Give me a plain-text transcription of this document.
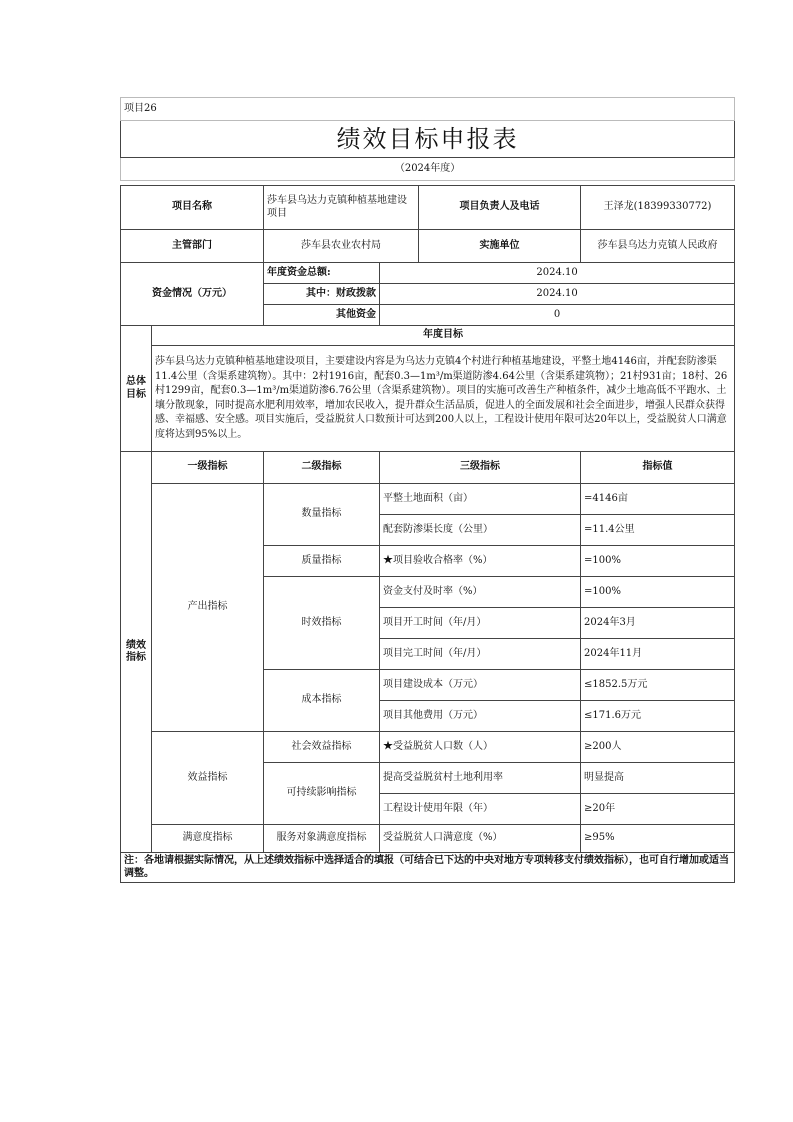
项目26					
绩效目标申报表					
（2024年度）					

项目名称		莎车县乌达力克镇种植基地建设项目		项目负责人及电话	王泽龙(18399330772)
主管部门		莎车县农业农村局		实施单位	莎车县乌达力克镇人民政府
资金情况（万元）		年度资金总额:	2024.10		
		其中：财政拨款	2024.10		
		其他资金	0		
总体目标	年度目标				
	莎车县乌达力克镇种植基地建设项目，主要建设内容是为乌达力克镇4个村进行种植基地建设，平整土地4146亩，并配套防渗渠11.4公里（含渠系建筑物）。其中：2村1916亩，配套0.3—1m³/m渠道防渗4.64公里（含渠系建筑物）；21村931亩；18村、26村1299亩，配套0.3—1m³/m渠道防渗6.76公里（含渠系建筑物）。项目的实施可改善生产种植条件，减少土地高低不平跑水、土壤分散现象，同时提高水肥利用效率，增加农民收入，提升群众生活品质，促进人的全面发展和社会全面进步，增强人民群众获得感、幸福感、安全感。项目实施后，受益脱贫人口数预计可达到200人以上，工程设计使用年限可达20年以上，受益脱贫人口满意度将达到95%以上。				
绩效指标	一级指标	二级指标	三级指标		指标值
	产出指标	数量指标	平整土地面积（亩）		=4146亩
			配套防渗渠长度（公里）		=11.4公里
		质量指标	★项目验收合格率（%）		=100%
		时效指标	资金支付及时率（%）		=100%
			项目开工时间（年/月）		2024年3月
			项目完工时间（年/月）		2024年11月
		成本指标	项目建设成本（万元）		≤1852.5万元
			项目其他费用（万元）		≤171.6万元
	效益指标	社会效益指标	★受益脱贫人口数（人）		≥200人
		可持续影响指标	提高受益脱贫村土地利用率		明显提高
			工程设计使用年限（年）		≥20年
	满意度指标	服务对象满意度指标	受益脱贫人口满意度（%）		≥95%
注：各地请根据实际情况，从上述绩效指标中选择适合的填报（可结合已下达的中央对地方专项转移支付绩效指标），也可自行增加或适当调整。					
